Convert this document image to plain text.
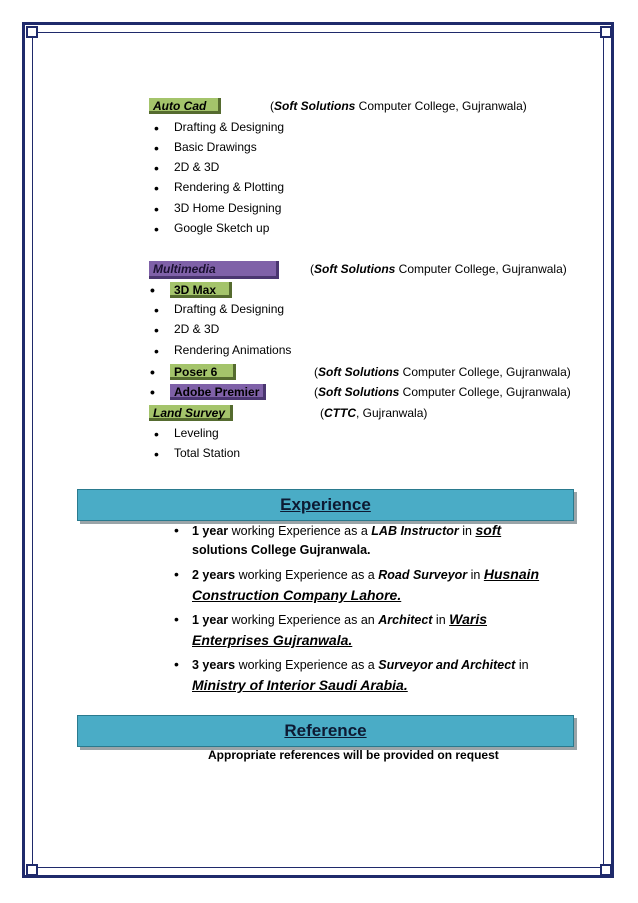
Auto Cad	(Soft Solutions Computer College, Gujranwala)
• Drafting & Designing
• Basic Drawings
• 2D & 3D
• Rendering & Plotting
• 3D Home Designing
• Google Sketch up
Multimedia	(Soft Solutions Computer College, Gujranwala)
• 3D Max
• Drafting & Designing
• 2D & 3D
• Rendering Animations
• Poser 6	(Soft Solutions Computer College, Gujranwala)
• Adobe Premier	(Soft Solutions Computer College, Gujranwala)
Land Survey	(CTTC, Gujranwala)
• Leveling
• Total Station
Experience
• 1 year working Experience as a LAB Instructor in soft
solutions College Gujranwala.
• 2 years working Experience as a Road Surveyor in Husnain
Construction Company Lahore.
• 1 year working Experience as an Architect in Waris
Enterprises Gujranwala.
• 3 years working Experience as a Surveyor and Architect in
Ministry of Interior Saudi Arabia.
Reference
Appropriate references will be provided on request
